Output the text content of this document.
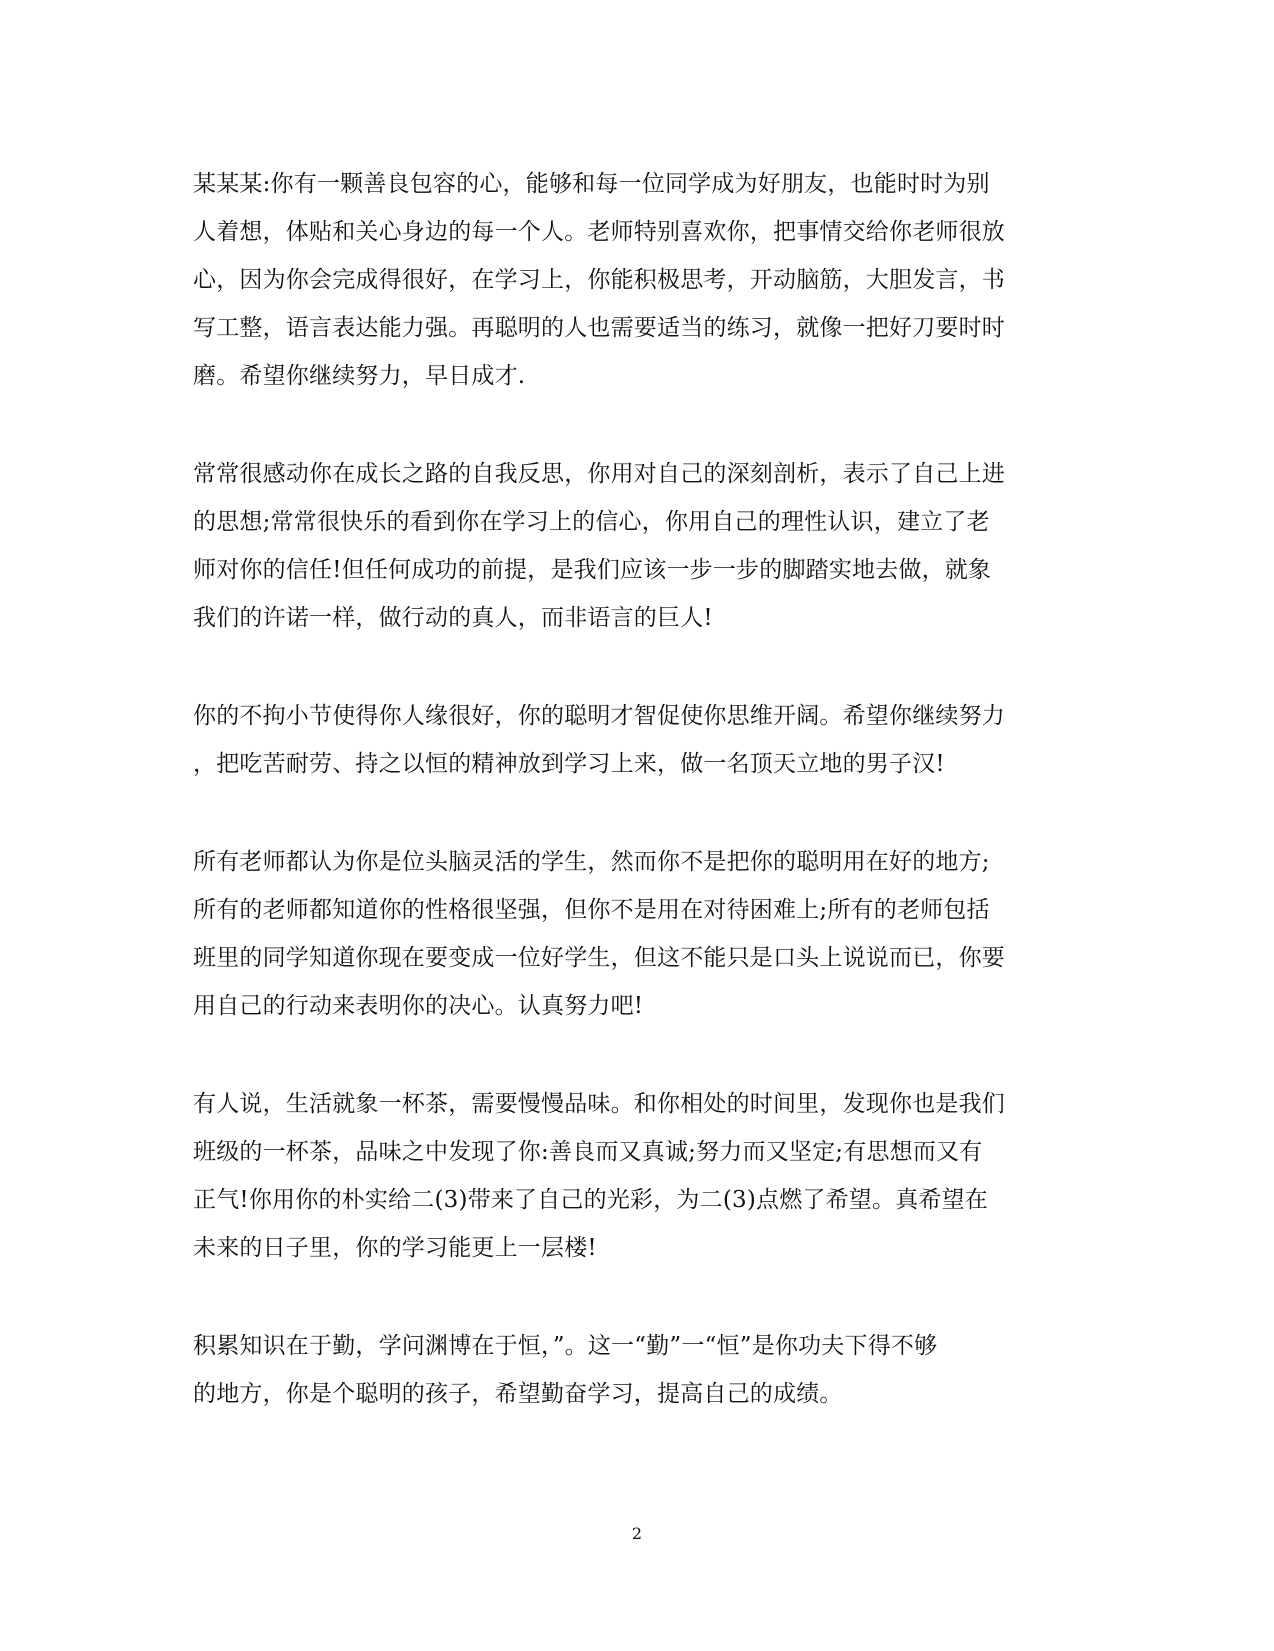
某某某:你有一颗善良包容的心，能够和每一位同学成为好朋友，也能时时为别
人着想，体贴和关心身边的每一个人。老师特别喜欢你，把事情交给你老师很放
心，因为你会完成得很好，在学习上，你能积极思考，开动脑筋，大胆发言，书
写工整，语言表达能力强。再聪明的人也需要适当的练习，就像一把好刀要时时
磨。希望你继续努力，早日成才.

常常很感动你在成长之路的自我反思，你用对自己的深刻剖析，表示了自己上进
的思想;常常很快乐的看到你在学习上的信心，你用自己的理性认识，建立了老
师对你的信任!但任何成功的前提，是我们应该一步一步的脚踏实地去做，就象
我们的许诺一样，做行动的真人，而非语言的巨人!

你的不拘小节使得你人缘很好，你的聪明才智促使你思维开阔。希望你继续努力
，把吃苦耐劳、持之以恒的精神放到学习上来，做一名顶天立地的男子汉!

所有老师都认为你是位头脑灵活的学生，然而你不是把你的聪明用在好的地方;
所有的老师都知道你的性格很坚强，但你不是用在对待困难上;所有的老师包括
班里的同学知道你现在要变成一位好学生，但这不能只是口头上说说而已，你要
用自己的行动来表明你的决心。认真努力吧!

有人说，生活就象一杯茶，需要慢慢品味。和你相处的时间里，发现你也是我们
班级的一杯茶，品味之中发现了你:善良而又真诚;努力而又坚定;有思想而又有
正气!你用你的朴实给二(3)带来了自己的光彩，为二(3)点燃了希望。真希望在
未来的日子里，你的学习能更上一层楼!

积累知识在于勤，学问渊博在于恒，”。这一“勤”一“恒”是你功夫下得不够
的地方，你是个聪明的孩子，希望勤奋学习，提高自己的成绩。

2
